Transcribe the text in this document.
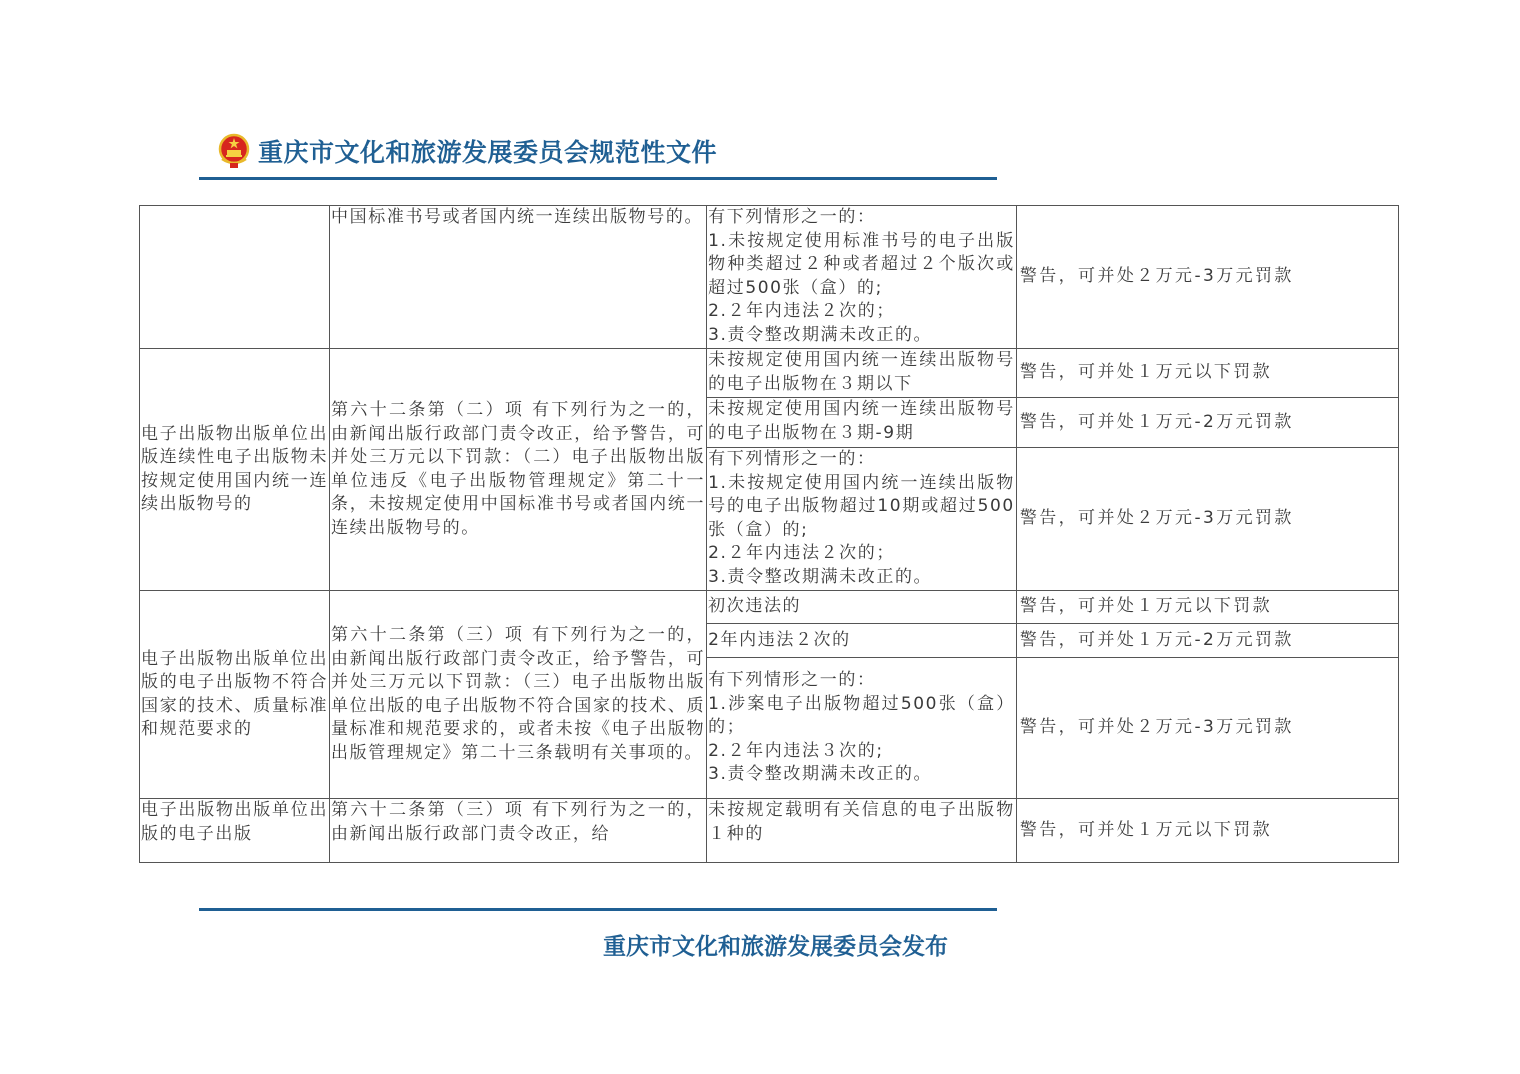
重庆市文化和旅游发展委员会规范性文件
	中国标准书号或者国内统一连续出版物号的。	有下列情形之一的：
1.未按规定使用标准书号的电子出版物种类超过２种或者超过２个版次或超过500张（盒）的;
2.２年内违法２次的；
3.责令整改期满未改正的。	警告，可并处２万元-3万元罚款
电子出版物出版单位出版连续性电子出版物未按规定使用国内统一连续出版物号的	第六十二条第（二）项 有下列行为之一的，由新闻出版行政部门责令改正，给予警告，可并处三万元以下罚款：（二）电子出版物出版单位违反《电子出版物管理规定》第二十一条，未按规定使用中国标准书号或者国内统一连续出版物号的。	未按规定使用国内统一连续出版物号的电子出版物在３期以下	警告，可并处１万元以下罚款
		未按规定使用国内统一连续出版物号的电子出版物在３期-9期	警告，可并处１万元-2万元罚款

		有下列情形之一的：
1.未按规定使用国内统一连续出版物号的电子出版物超过10期或超过500张（盒）的;
2.２年内违法２次的；
3.责令整改期满未改正的。	警告，可并处２万元-3万元罚款
电子出版物出版单位出版的电子出版物不符合国家的技术、质量标准和规范要求的	第六十二条第（三）项 有下列行为之一的，由新闻出版行政部门责令改正，给予警告，可并处三万元以下罚款：（三）电子出版物出版单位出版的电子出版物不符合国家的技术、质量标准和规范要求的，或者未按《电子出版物出版管理规定》第二十三条载明有关事项的。	初次违法的	警告，可并处１万元以下罚款
		2年内违法２次的	警告，可并处１万元-2万元罚款

		有下列情形之一的：
1.涉案电子出版物超过500张（盒）的；
2.２年内违法３次的;
3.责令整改期满未改正的。	警告，可并处２万元-3万元罚款
电子出版物出版单位出版的电子出版	第六十二条第（三）项 有下列行为之一的，由新闻出版行政部门责令改正，给	未按规定载明有关信息的电子出版物１种的	警告，可并处１万元以下罚款
重庆市文化和旅游发展委员会发布
